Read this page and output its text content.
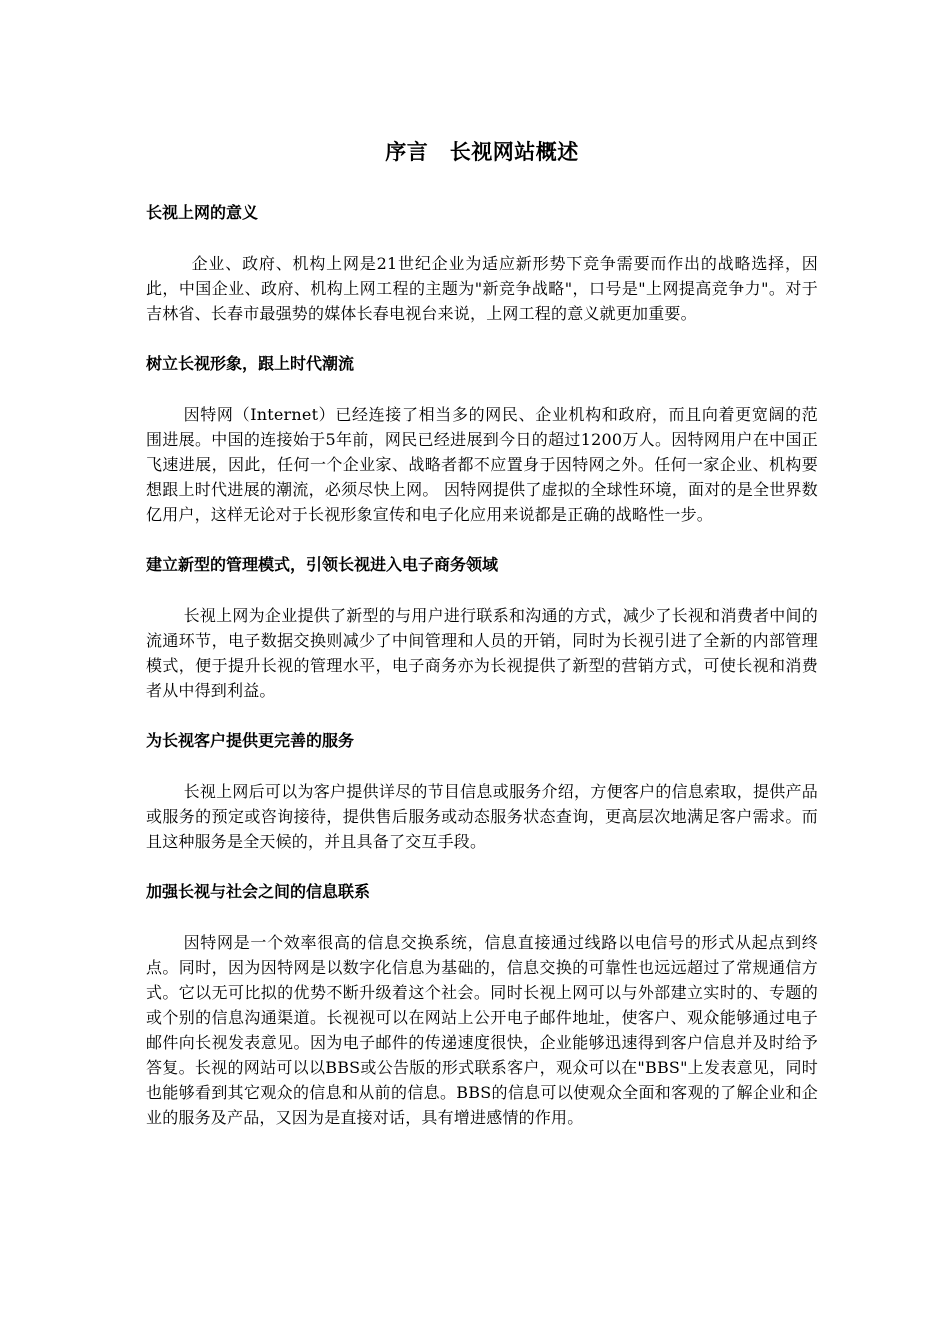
序言　长视网站概述
长视上网的意义

企业、政府、机构上网是21世纪企业为适应新形势下竞争需要而作出的战略选择，因此，中国企业、政府、机构上网工程的主题为"新竞争战略"，口号是"上网提高竞争力"。对于吉林省、长春市最强势的媒体长春电视台来说，上网工程的意义就更加重要。

树立长视形象，跟上时代潮流

因特网（Internet）已经连接了相当多的网民、企业机构和政府，而且向着更宽阔的范围进展。中国的连接始于5年前，网民已经进展到今日的超过1200万人。因特网用户在中国正飞速进展，因此，任何一个企业家、战略者都不应置身于因特网之外。任何一家企业、机构要想跟上时代进展的潮流，必须尽快上网。 因特网提供了虚拟的全球性环境，面对的是全世界数亿用户，这样无论对于长视形象宣传和电子化应用来说都是正确的战略性一步。

建立新型的管理模式，引领长视进入电子商务领域

长视上网为企业提供了新型的与用户进行联系和沟通的方式，减少了长视和消费者中间的流通环节，电子数据交换则减少了中间管理和人员的开销，同时为长视引进了全新的内部管理模式，便于提升长视的管理水平，电子商务亦为长视提供了新型的营销方式，可使长视和消费者从中得到利益。

为长视客户提供更完善的服务

长视上网后可以为客户提供详尽的节目信息或服务介绍，方便客户的信息索取，提供产品或服务的预定或咨询接待，提供售后服务或动态服务状态查询，更高层次地满足客户需求。而且这种服务是全天候的，并且具备了交互手段。

加强长视与社会之间的信息联系

因特网是一个效率很高的信息交换系统，信息直接通过线路以电信号的形式从起点到终点。同时，因为因特网是以数字化信息为基础的，信息交换的可靠性也远远超过了常规通信方式。它以无可比拟的优势不断升级着这个社会。同时长视上网可以与外部建立实时的、专题的或个别的信息沟通渠道。长视视可以在网站上公开电子邮件地址，使客户、观众能够通过电子邮件向长视发表意见。因为电子邮件的传递速度很快，企业能够迅速得到客户信息并及时给予答复。长视的网站可以以BBS或公告版的形式联系客户，观众可以在"BBS"上发表意见，同时也能够看到其它观众的信息和从前的信息。BBS的信息可以使观众全面和客观的了解企业和企业的服务及产品，又因为是直接对话，具有增进感情的作用。
